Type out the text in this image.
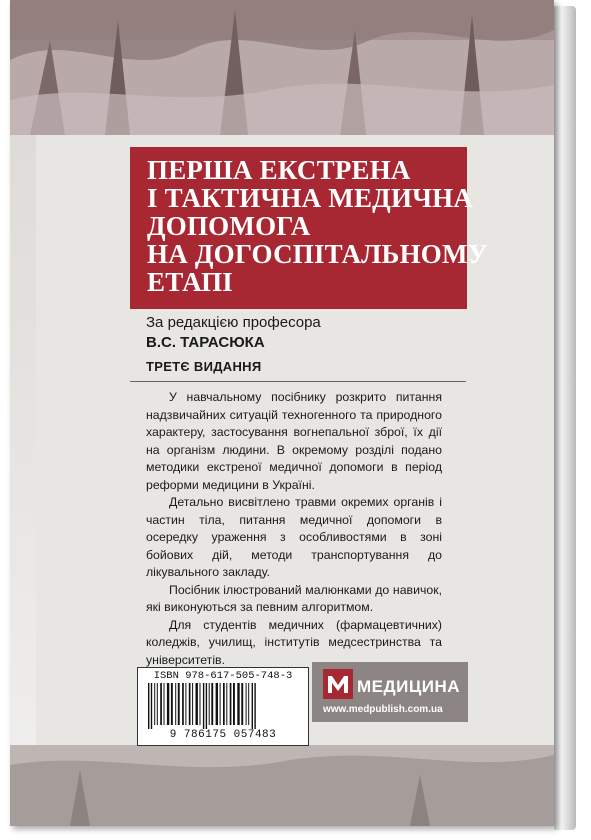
ПЕРША ЕКСТРЕНА
І ТАКТИЧНА МЕДИЧНА
ДОПОМОГА
НА ДОГОСПІТАЛЬНОМУ
ЕТАПІ
За редакцією професора
В.С. ТАРАСЮКА
ТРЕТЄ ВИДАННЯ

У навчальному посібнику розкрито питання надзвичайних ситуацій техногенного та природного характеру, застосування вогнепальної зброї, їх дії на організм людини. В окремому розділі подано методики екстреної медичної допомоги в період реформи медицини в Україні.

Детально висвітлено травми окремих органів і частин тіла, питання медичної допомоги в осередку ураження з особливостями в зоні бойових дій, методи транспортування до лікувального закладу.

Посібник ілюстрований малюнками до навичок, які виконуються за певним алгоритмом.

Для студентів медичних (фармацевтичних) коледжів, училищ, інститутів медсестринства та університетів.

ISBN 978-617-505-748-3
9 786175 057483
МЕДИЦИНА
www.medpublish.com.ua
